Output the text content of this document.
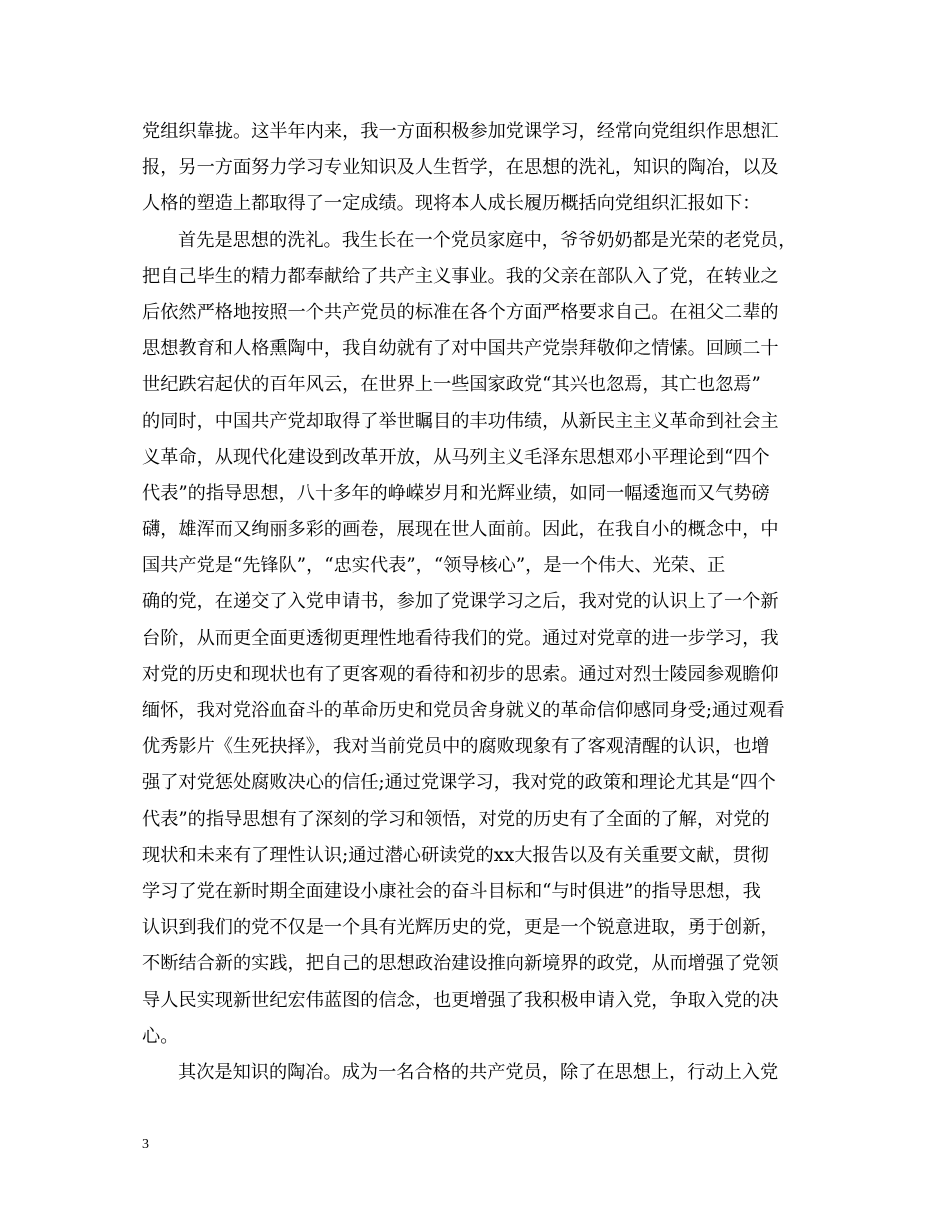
党组织靠拢。这半年内来，我一方面积极参加党课学习，经常向党组织作思想汇
报，另一方面努力学习专业知识及人生哲学，在思想的洗礼，知识的陶冶，以及
人格的塑造上都取得了一定成绩。现将本人成长履历概括向党组织汇报如下：
首先是思想的洗礼。我生长在一个党员家庭中，爷爷奶奶都是光荣的老党员，
把自己毕生的精力都奉献给了共产主义事业。我的父亲在部队入了党，在转业之
后依然严格地按照一个共产党员的标准在各个方面严格要求自己。在祖父二辈的
思想教育和人格熏陶中，我自幼就有了对中国共产党崇拜敬仰之情愫。回顾二十
世纪跌宕起伏的百年风云，在世界上一些国家政党“其兴也忽焉，其亡也忽焉”
的同时，中国共产党却取得了举世瞩目的丰功伟绩，从新民主主义革命到社会主
义革命，从现代化建设到改革开放，从马列主义毛泽东思想邓小平理论到“四个
代表”的指导思想，八十多年的峥嵘岁月和光辉业绩，如同一幅逶迤而又气势磅
礴，雄浑而又绚丽多彩的画卷，展现在世人面前。因此，在我自小的概念中，中
国共产党是“先锋队”，“忠实代表”，“领导核心”，是一个伟大、光荣、正
确的党，在递交了入党申请书，参加了党课学习之后，我对党的认识上了一个新
台阶，从而更全面更透彻更理性地看待我们的党。通过对党章的进一步学习，我
对党的历史和现状也有了更客观的看待和初步的思索。通过对烈士陵园参观瞻仰
缅怀，我对党浴血奋斗的革命历史和党员舍身就义的革命信仰感同身受;通过观看
优秀影片《生死抉择》，我对当前党员中的腐败现象有了客观清醒的认识，也增
强了对党惩处腐败决心的信任;通过党课学习，我对党的政策和理论尤其是“四个
代表”的指导思想有了深刻的学习和领悟，对党的历史有了全面的了解，对党的
现状和未来有了理性认识;通过潜心研读党的xx大报告以及有关重要文献，贯彻
学习了党在新时期全面建设小康社会的奋斗目标和“与时俱进”的指导思想，我
认识到我们的党不仅是一个具有光辉历史的党，更是一个锐意进取，勇于创新，
不断结合新的实践，把自己的思想政治建设推向新境界的政党，从而增强了党领
导人民实现新世纪宏伟蓝图的信念，也更增强了我积极申请入党，争取入党的决
心。
其次是知识的陶冶。成为一名合格的共产党员，除了在思想上，行动上入党
3
